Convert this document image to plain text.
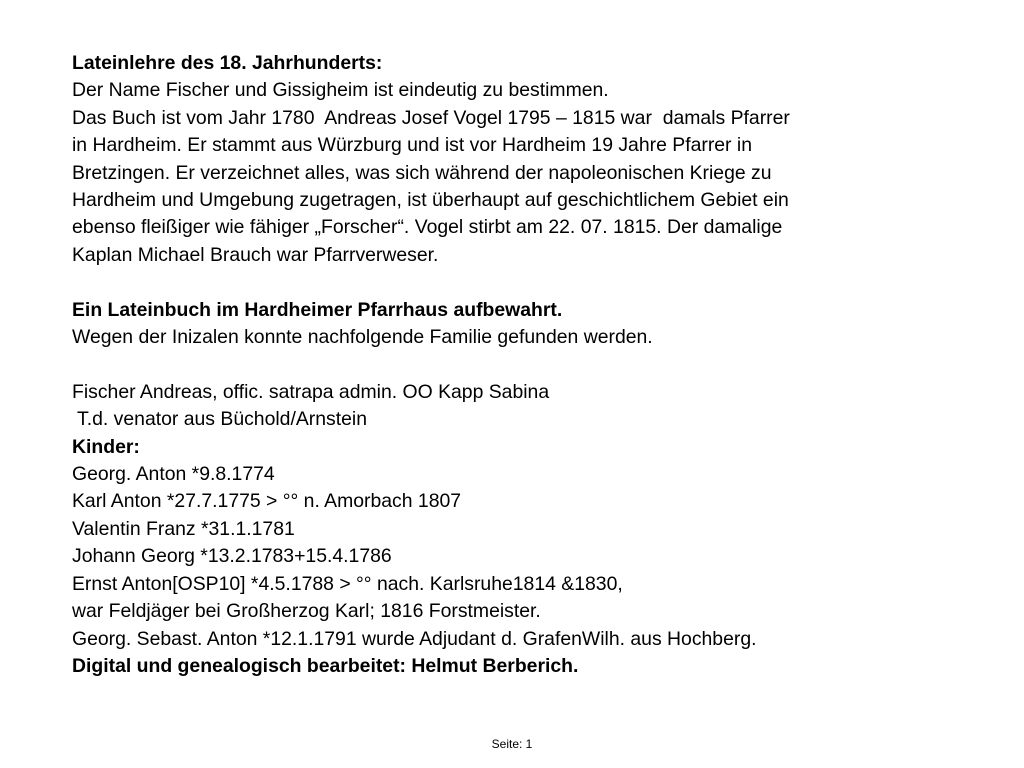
Lateinlehre des 18. Jahrhunderts:
Der Name Fischer und Gissigheim ist eindeutig zu bestimmen.
Das Buch ist vom Jahr 1780  Andreas Josef Vogel 1795 – 1815 war  damals Pfarrer
in Hardheim. Er stammt aus Würzburg und ist vor Hardheim 19 Jahre Pfarrer in
Bretzingen. Er verzeichnet alles, was sich während der napoleonischen Kriege zu
Hardheim und Umgebung zugetragen, ist überhaupt auf geschichtlichem Gebiet ein
ebenso fleißiger wie fähiger „Forscher“. Vogel stirbt am 22. 07. 1815. Der damalige
Kaplan Michael Brauch war Pfarrverweser.
Ein Lateinbuch im Hardheimer Pfarrhaus aufbewahrt.
Wegen der Inizalen konnte nachfolgende Familie gefunden werden.
Fischer Andreas, offic. satrapa admin. OO Kapp Sabina
T.d. venator aus Büchold/Arnstein
Kinder:
Georg. Anton *9.8.1774
Karl Anton *27.7.1775 > °° n. Amorbach 1807
Valentin Franz *31.1.1781
Johann Georg *13.2.1783+15.4.1786
Ernst Anton[OSP10] *4.5.1788 > °° nach. Karlsruhe1814 &1830,
war Feldjäger bei Großherzog Karl; 1816 Forstmeister.
Georg. Sebast. Anton *12.1.1791 wurde Adjudant d. GrafenWilh. aus Hochberg.
Digital und genealogisch bearbeitet: Helmut Berberich.
Seite: 1
